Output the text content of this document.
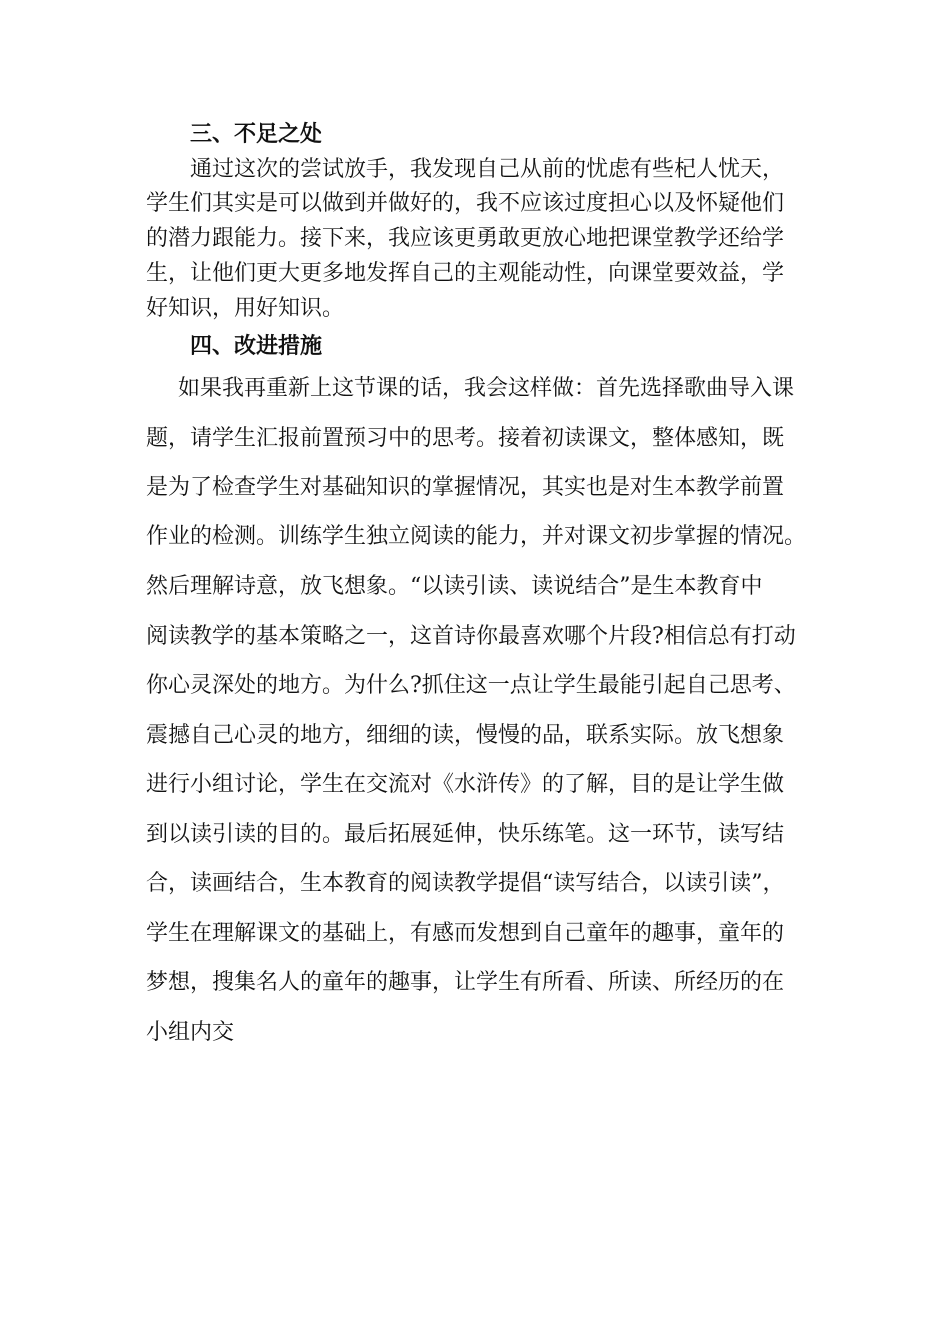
三、不足之处
通过这次的尝试放手，我发现自己从前的忧虑有些杞人忧天，
学生们其实是可以做到并做好的，我不应该过度担心以及怀疑他们
的潜力跟能力。接下来，我应该更勇敢更放心地把课堂教学还给学
生，让他们更大更多地发挥自己的主观能动性，向课堂要效益，学
好知识，用好知识。
四、改进措施
如果我再重新上这节课的话，我会这样做：首先选择歌曲导入课
题，请学生汇报前置预习中的思考。接着初读课文，整体感知，既
是为了检查学生对基础知识的掌握情况，其实也是对生本教学前置
作业的检测。训练学生独立阅读的能力，并对课文初步掌握的情况。
然后理解诗意，放飞想象。“以读引读、读说结合”是生本教育中
阅读教学的基本策略之一，这首诗你最喜欢哪个片段?相信总有打动
你心灵深处的地方。为什么?抓住这一点让学生最能引起自己思考、
震撼自己心灵的地方，细细的读，慢慢的品，联系实际。放飞想象
进行小组讨论，学生在交流对《水浒传》的了解，目的是让学生做
到以读引读的目的。最后拓展延伸，快乐练笔。这一环节，读写结
合，读画结合，生本教育的阅读教学提倡“读写结合，以读引读”，
学生在理解课文的基础上，有感而发想到自己童年的趣事，童年的
梦想，搜集名人的童年的趣事，让学生有所看、所读、所经历的在
小组内交
